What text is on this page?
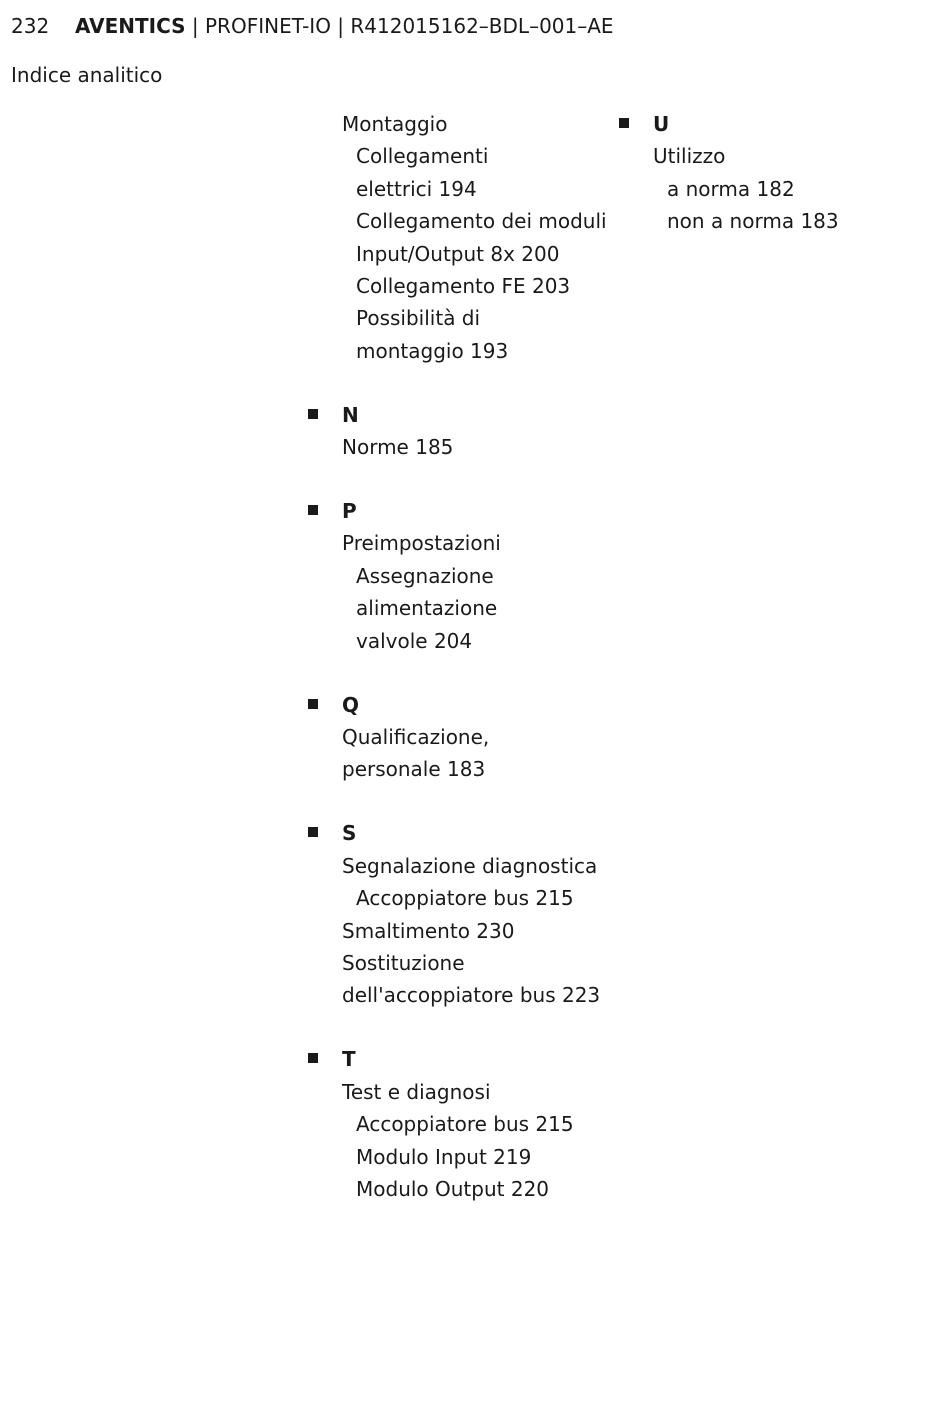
232 AVENTICS | PROFINET-IO | R412015162–BDL–001–AE
Indice analitico
Montaggio
Collegamenti
elettrici 194
Collegamento dei moduli
Input/Output 8x 200
Collegamento FE 203
Possibilità di
montaggio 193
N
Norme 185
P
Preimpostazioni
Assegnazione
alimentazione
valvole 204
Q
Qualificazione,
personale 183
S
Segnalazione diagnostica
Accoppiatore bus 215
Smaltimento 230
Sostituzione
dell'accoppiatore bus 223
T
Test e diagnosi
Accoppiatore bus 215
Modulo Input 219
Modulo Output 220
U
Utilizzo
a norma 182
non a norma 183
